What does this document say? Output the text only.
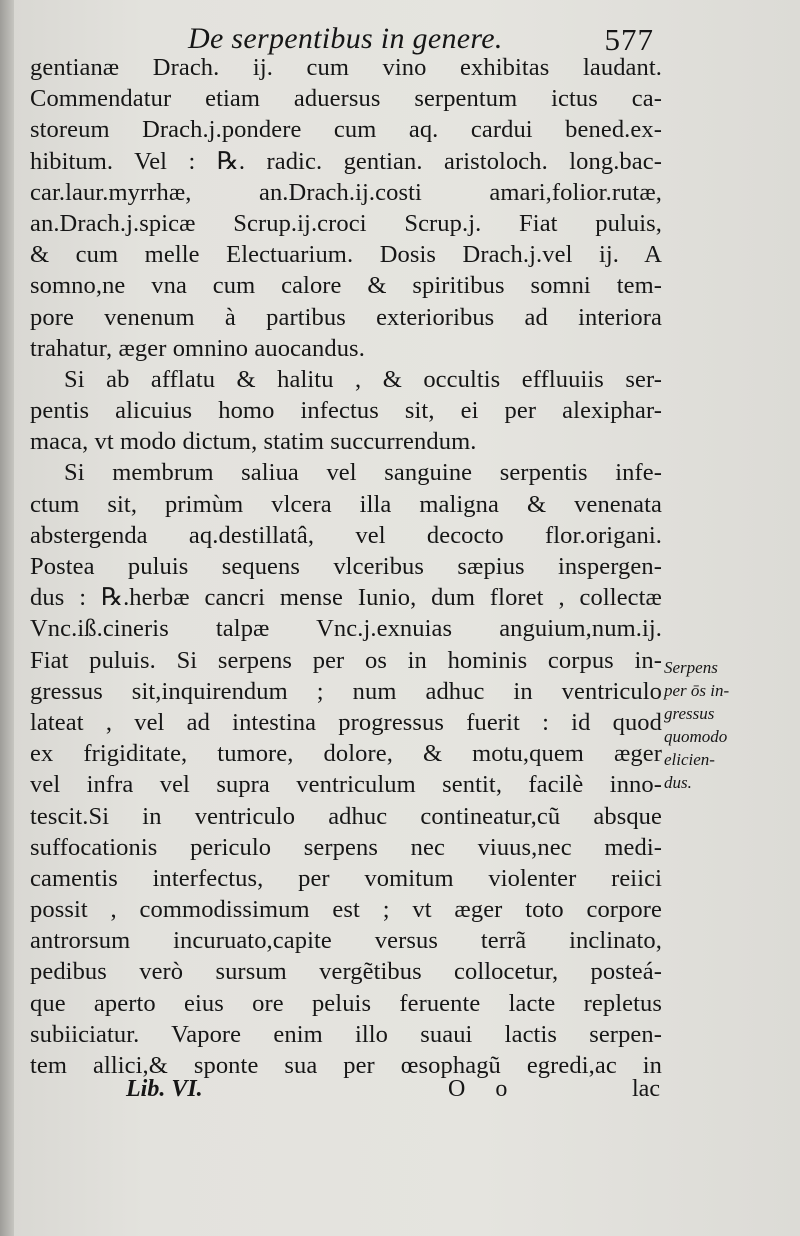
De serpentibus in genere.	577
gentianæ Drach. ij. cum vino exhibitas laudant.
Commendatur etiam aduersus serpentum ictus ca-
storeum Drach.j.pondere cum aq. cardui bened.ex-
hibitum. Vel : ℞. radic. gentian. aristoloch. long.bac-
car.laur.myrrhæ, an.Drach.ij.costi amari,folior.rutæ,
an.Drach.j.spicæ Scrup.ij.croci Scrup.j. Fiat puluis,
& cum melle Electuarium. Dosis Drach.j.vel ij. A
somno,ne vna cum calore & spiritibus somni tem-
pore venenum à partibus exterioribus ad interiora
trahatur, æger omnino auocandus.
Si ab afflatu & halitu , & occultis effluuiis ser-
pentis alicuius homo infectus sit, ei per alexiphar-
maca, vt modo dictum, statim succurrendum.
Si membrum saliua vel sanguine serpentis infe-
ctum sit, primùm vlcera illa maligna & venenata
abstergenda aq.destillatâ, vel decocto flor.origani.
Postea puluis sequens vlceribus sæpius inspergen-
dus : ℞.herbæ cancri mense Iunio, dum floret , collectæ
Vnc.iß.cineris talpæ Vnc.j.exnuias anguium,num.ij.
Fiat puluis. Si serpens per os in hominis corpus in-
gressus sit,inquirendum ; num adhuc in ventriculo
lateat , vel ad intestina progressus fuerit : id quod
ex frigiditate, tumore, dolore, & motu,quem æger
vel infra vel supra ventriculum sentit, facilè inno-
tescit.Si in ventriculo adhuc contineatur,cũ absque
suffocationis periculo serpens nec viuus,nec medi-
camentis interfectus, per vomitum violenter reiici
possit , commodissimum est ; vt æger toto corpore
antrorsum incuruato,capite versus terrã inclinato,
pedibus verò sursum vergẽtibus collocetur, posteá-
que aperto eius ore peluis feruente lacte repletus
subiiciatur. Vapore enim illo suaui lactis serpen-
tem allici,& sponte sua per œsophagũ egredi,ac in
Serpens
per ōs in-
gressus
quomodo
elicien-
dus.
Lib. VI.	O o	lac
